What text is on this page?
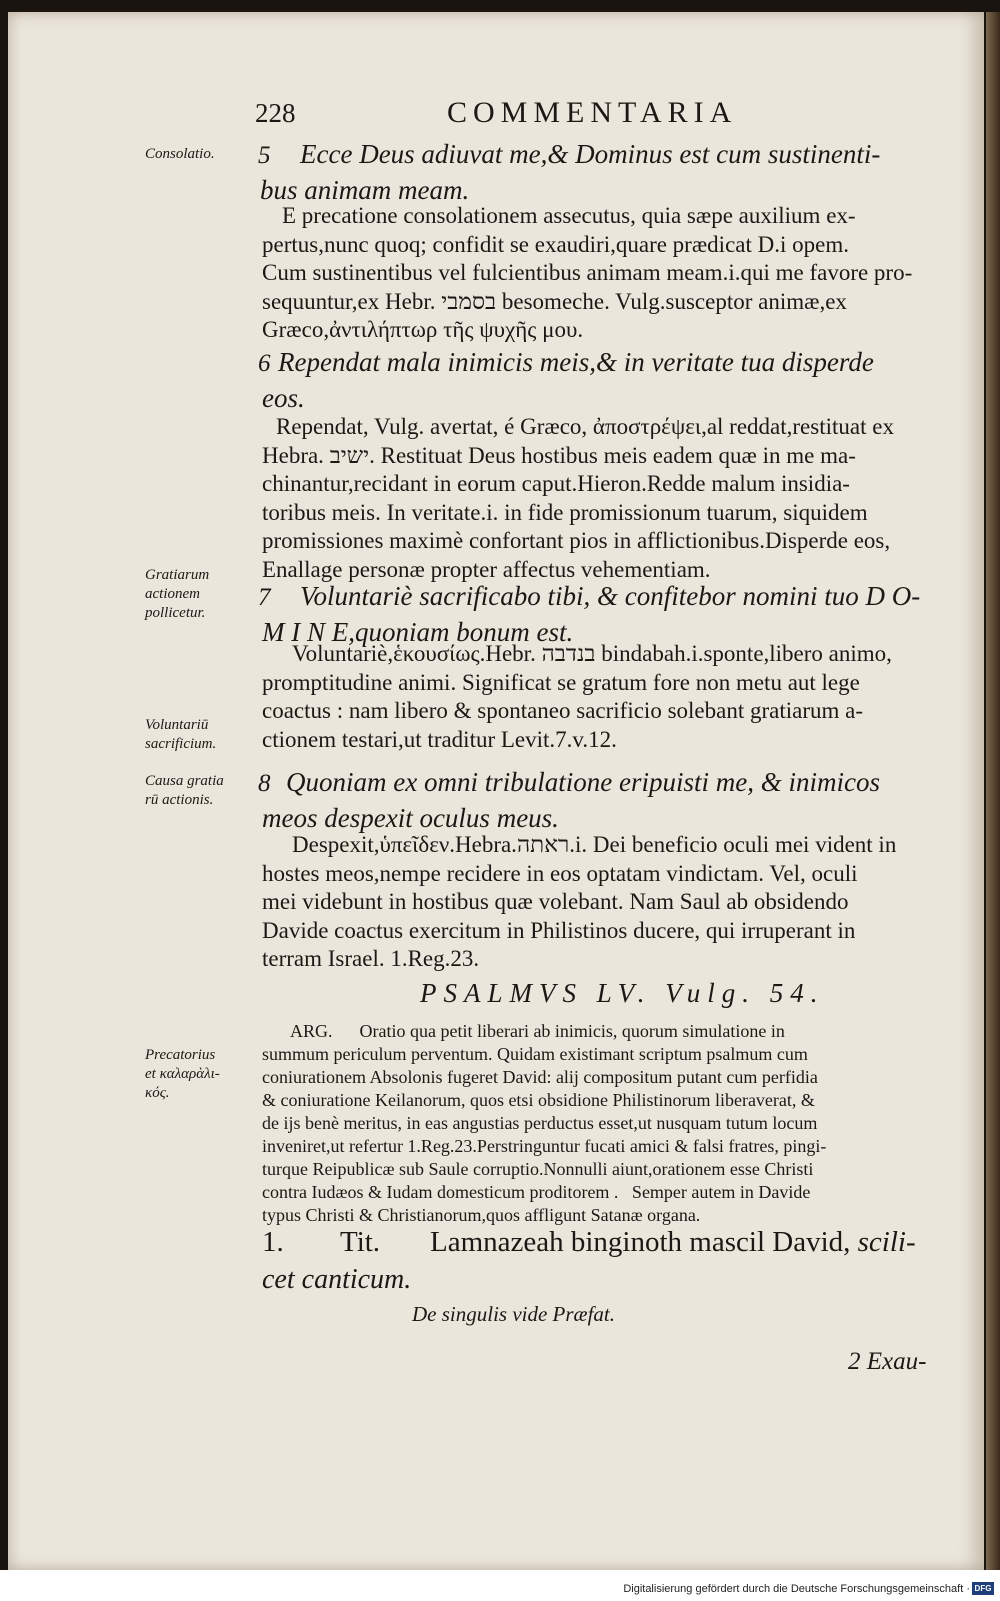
228	COMMENTARIA
Consolatio.
Gratiarum
actionem
pollicetur.
Voluntariū
sacrificium.
Causa gratia
rū actionis.
Precatorius
et καλαρὰλι-
κός.
5 Ecce Deus adiuvat me,& Dominus est cum sustinenti-
bus animam meam.
E precatione consolationem assecutus, quia sæpe auxilium ex-
pertus,nunc quoq; confidit se exaudiri,quare prædicat D.i opem.
Cum sustinentibus vel fulcientibus animam meam.i.qui me favore pro-
sequuntur,ex Hebr. בסמבי besomeche. Vulg.susceptor animæ,ex
Græco,ἀντιλήπτωρ τῆς ψυχῆς μου.
6 Rependat mala inimicis meis,& in veritate tua disperde
eos.
Rependat, Vulg. avertat, é Græco, ἀποστρέψει,al reddat,restituat ex
Hebra. ישיב. Restituat Deus hostibus meis eadem quæ in me ma-
chinantur,recidant in eorum caput.Hieron.Redde malum insidia-
toribus meis. In veritate.i. in fide promissionum tuarum, siquidem
promissiones maximè confortant pios in afflictionibus.Disperde eos,
Enallage personæ propter affectus vehementiam.
7 Voluntariè sacrificabo tibi, & confitebor nomini tuo D O-
M I N E,quoniam bonum est.
Voluntariè,ἑκουσίως.Hebr. בנדבה bindabah.i.sponte,libero animo,
promptitudine animi. Significat se gratum fore non metu aut lege
coactus : nam libero & spontaneo sacrificio solebant gratiarum a-
ctionem testari,ut traditur Levit.7.v.12.
8 Quoniam ex omni tribulatione eripuisti me, & inimicos
meos despexit oculus meus.
Despexit,ὑπεῖδεν.Hebra.ראתה.i. Dei beneficio oculi mei vident in
hostes meos,nempe recidere in eos optatam vindictam. Vel, oculi
mei videbunt in hostibus quæ volebant. Nam Saul ab obsidendo
Davide coactus exercitum in Philistinos ducere, qui irruperant in
terram Israel. 1.Reg.23.
PSALMVS LV. Vulg. 54.
ARG.      Oratio qua petit liberari ab inimicis, quorum simulatione in
summum periculum perventum. Quidam existimant scriptum psalmum cum
coniurationem Absolonis fugeret David: alij compositum putant cum perfidia
& coniuratione Keilanorum, quos etsi obsidione Philistinorum liberaverat, &
de ijs benè meritus, in eas angustias perductus esset,ut nusquam tutum locum
inveniret,ut refertur 1.Reg.23.Perstringuntur fucati amici & falsi fratres, pingi-
turque Reipublicæ sub Saule corruptio.Nonnulli aiunt,orationem esse Christi
contra Iudæos & Iudam domesticum proditorem .   Semper autem in Davide
typus Christi & Christianorum,quos affligunt Satanæ organa.
1. Tit. Lamnazeah binginoth mascil David, scili-
cet canticum.
De singulis vide Præfat.
2 Exau-
Digitalisierung gefördert durch die Deutsche Forschungsgemeinschaft · DFG
